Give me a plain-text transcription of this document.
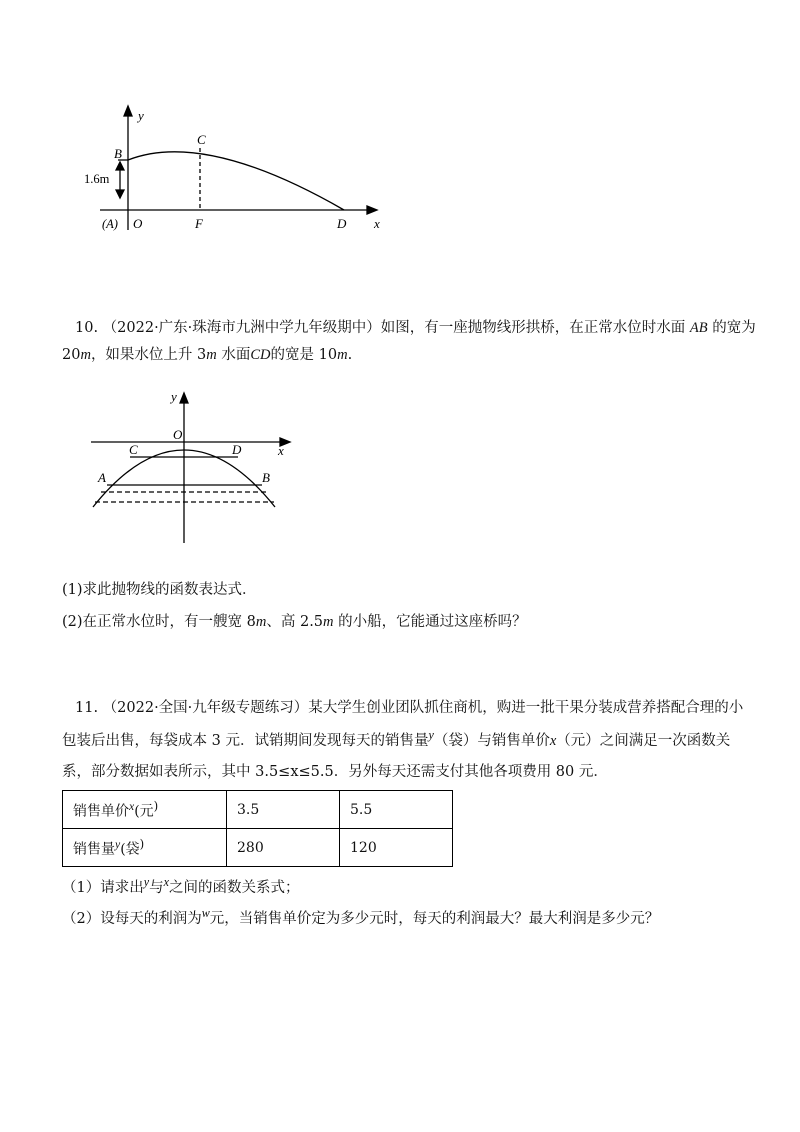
y
B
C
1.6m
(A) O	F	D x
10. （2022·广东·珠海市九洲中学九年级期中）如图，有一座抛物线形拱桥，在正常水位时水面 AB 的宽为
20m，如果水位上升 3m 水面CD的宽是 10m.
y
O
x
C	D
A	B
(1)求此抛物线的函数表达式．
(2)在正常水位时，有一艘宽 8m、高 2.5m 的小船，它能通过这座桥吗？
11. （2022·全国·九年级专题练习）某大学生创业团队抓住商机，购进一批干果分装成营养搭配合理的小
包装后出售，每袋成本 3 元．试销期间发现每天的销售量$^y$（袋）与销售单价x（元）之间满足一次函数关
系，部分数据如表所示，其中 3.5≤x≤5.5．另外每天还需支付其他各项费用 80 元．
销售单价$^x$(元)	3.5	5.5
销售量$^y$(袋)	280	120
（1）请求出$^y$与$^x$之间的函数关系式；
（2）设每天的利润为$^w$元，当销售单价定为多少元时，每天的利润最大？最大利润是多少元？
